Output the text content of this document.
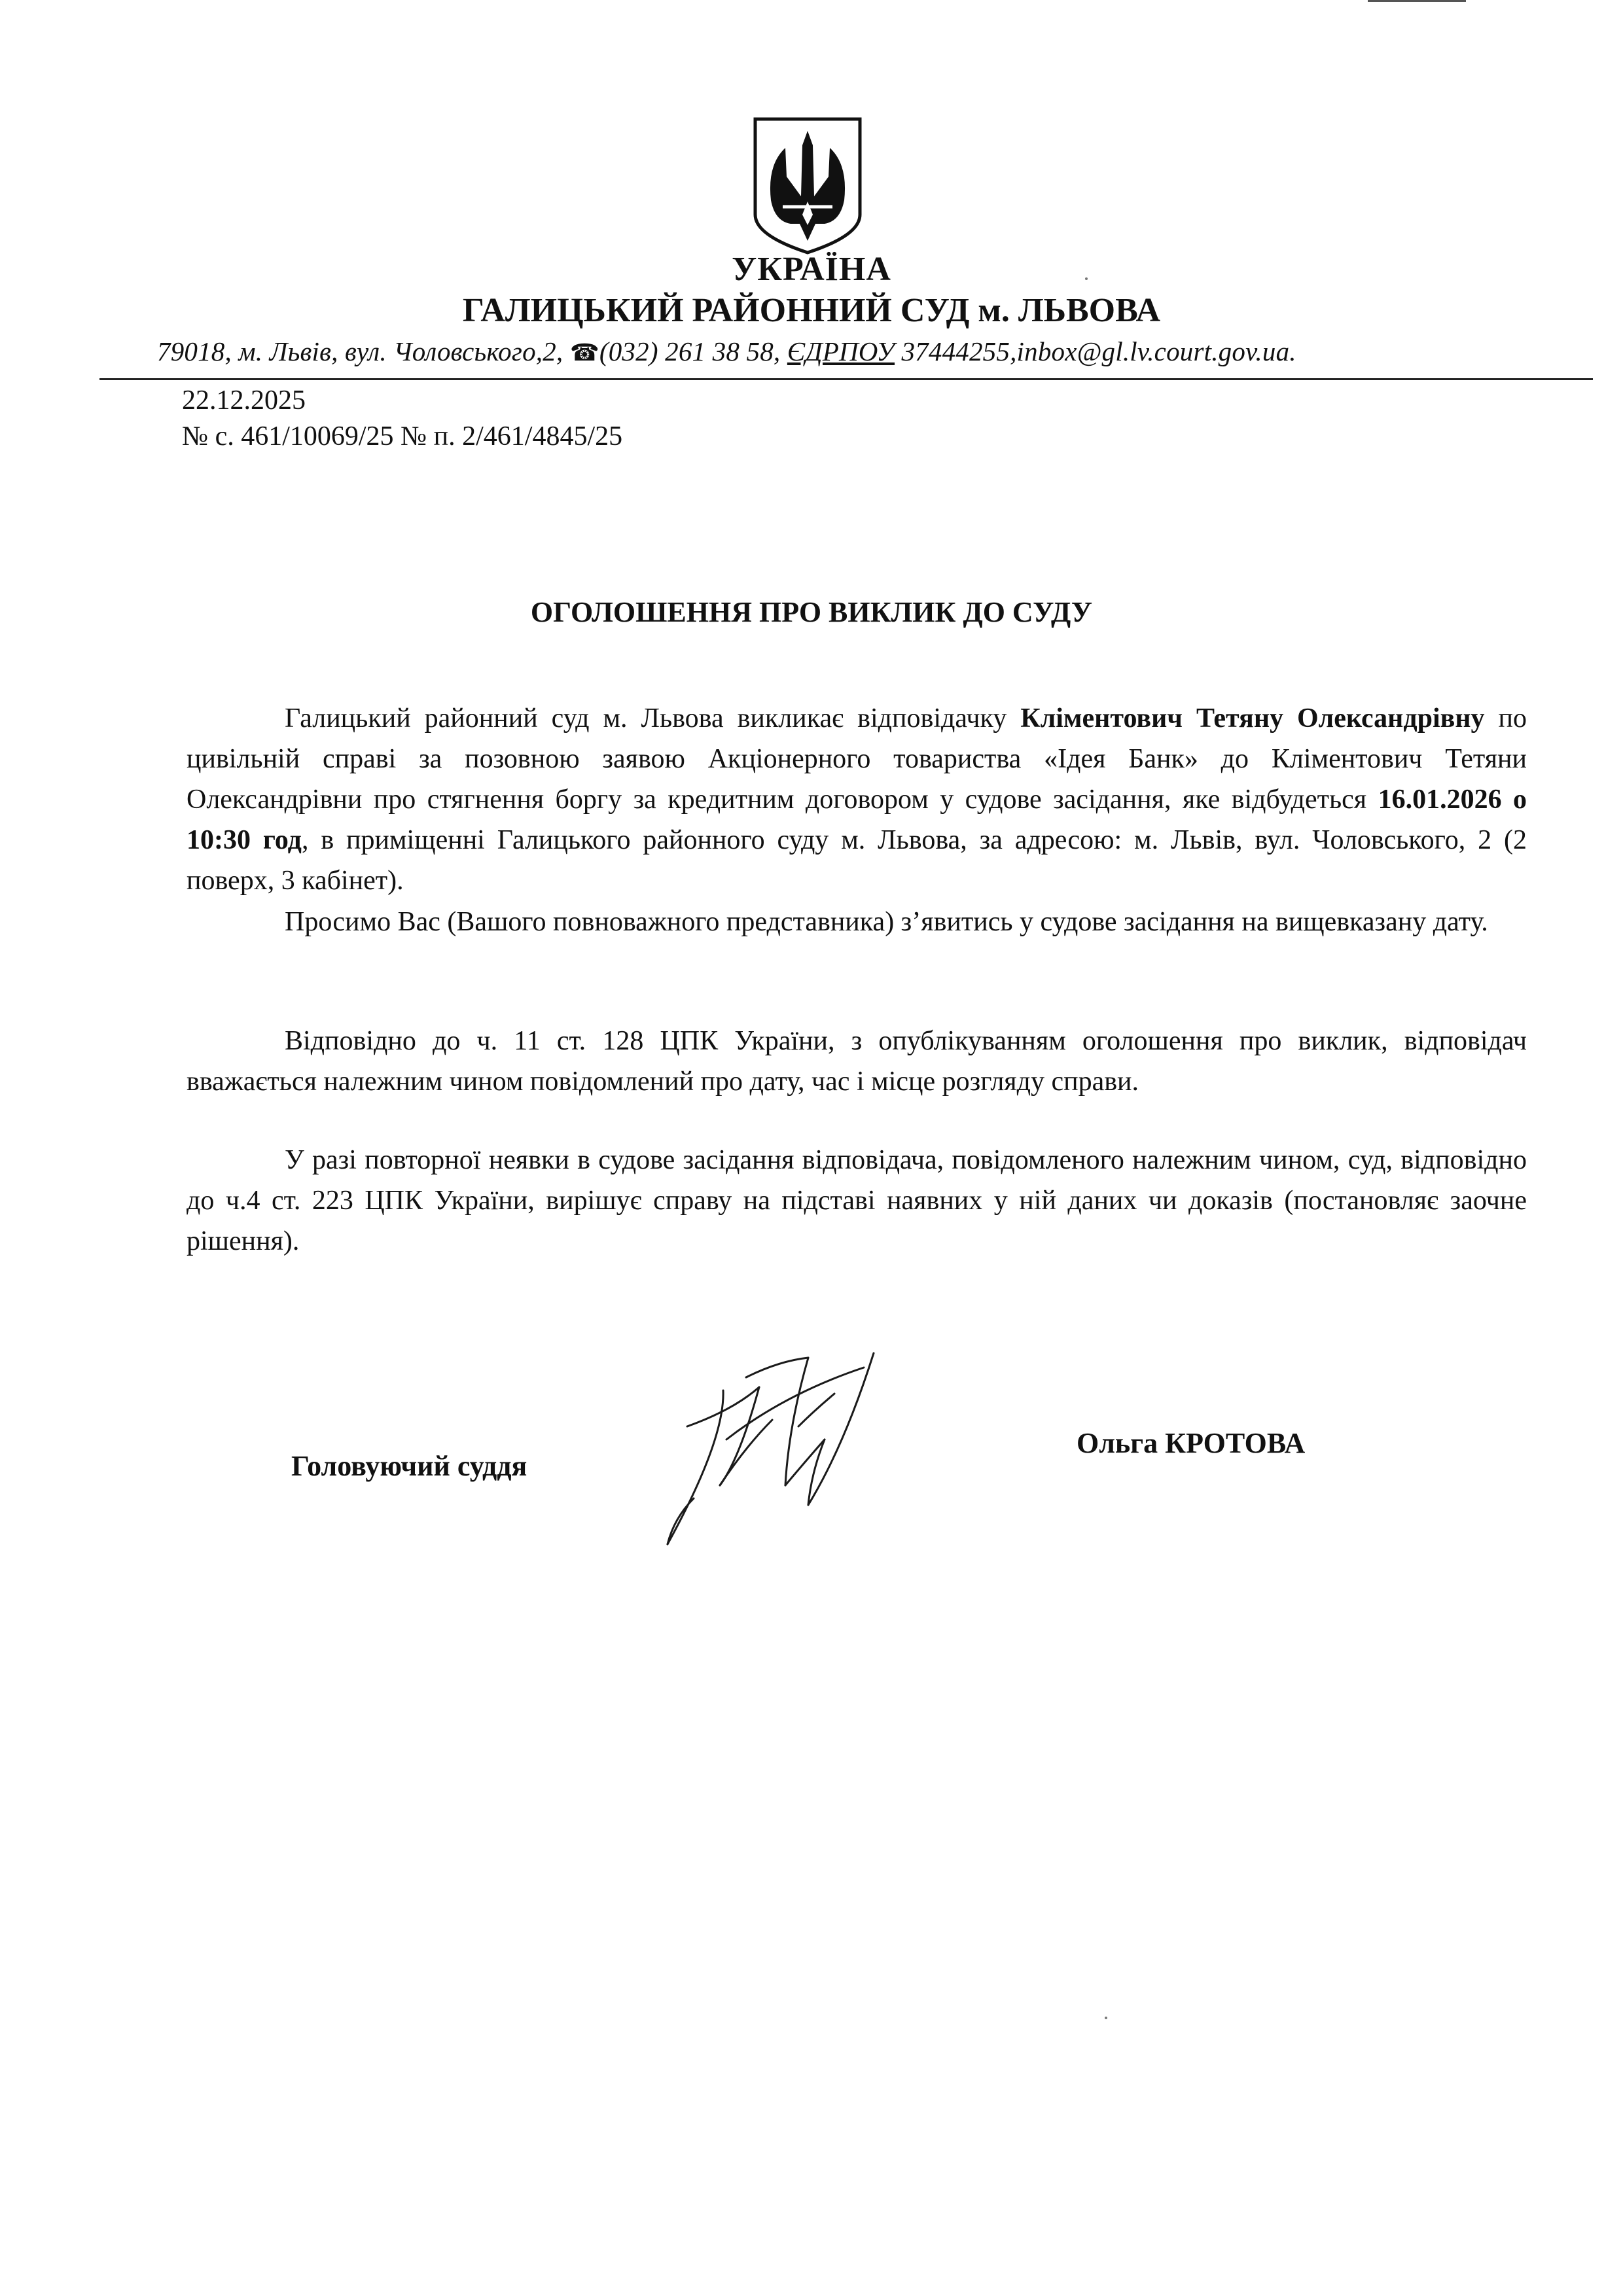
УКРАЇНА
ГАЛИЦЬКИЙ РАЙОННИЙ СУД м. ЛЬВОВА
79018, м. Львів, вул. Чоловського,2, ☎(032) 261 38 58, ЄДРПОУ 37444255,inbox@gl.lv.court.gov.ua.
22.12.2025
№ с. 461/10069/25 № п. 2/461/4845/25
ОГОЛОШЕННЯ ПРО ВИКЛИК ДО СУДУ
Галицький районний суд м. Львова викликає відповідачку Кліментович Тетяну Олександрівну по цивільній справі за позовною заявою Акціонерного товариства «Ідея Банк» до Кліментович Тетяни Олександрівни про стягнення боргу за кредитним договором у судове засідання, яке відбудеться 16.01.2026 о 10:30 год, в приміщенні Галицького районного суду м. Львова, за адресою: м. Львів, вул. Чоловського, 2 (2 поверх, 3 кабінет).
Просимо Вас (Вашого повноважного представника) з’явитись у судове засідання на вищевказану дату.
Відповідно до ч. 11 ст. 128 ЦПК України, з опублікуванням оголошення про виклик, відповідач вважається належним чином повідомлений про дату, час і місце розгляду справи.
У разі повторної неявки в судове засідання відповідача, повідомленого належним чином, суд, відповідно до ч.4 ст. 223 ЦПК України, вирішує справу на підставі наявних у ній даних чи доказів (постановляє заочне рішення).
Головуючий суддя
Ольга КРОТОВА
